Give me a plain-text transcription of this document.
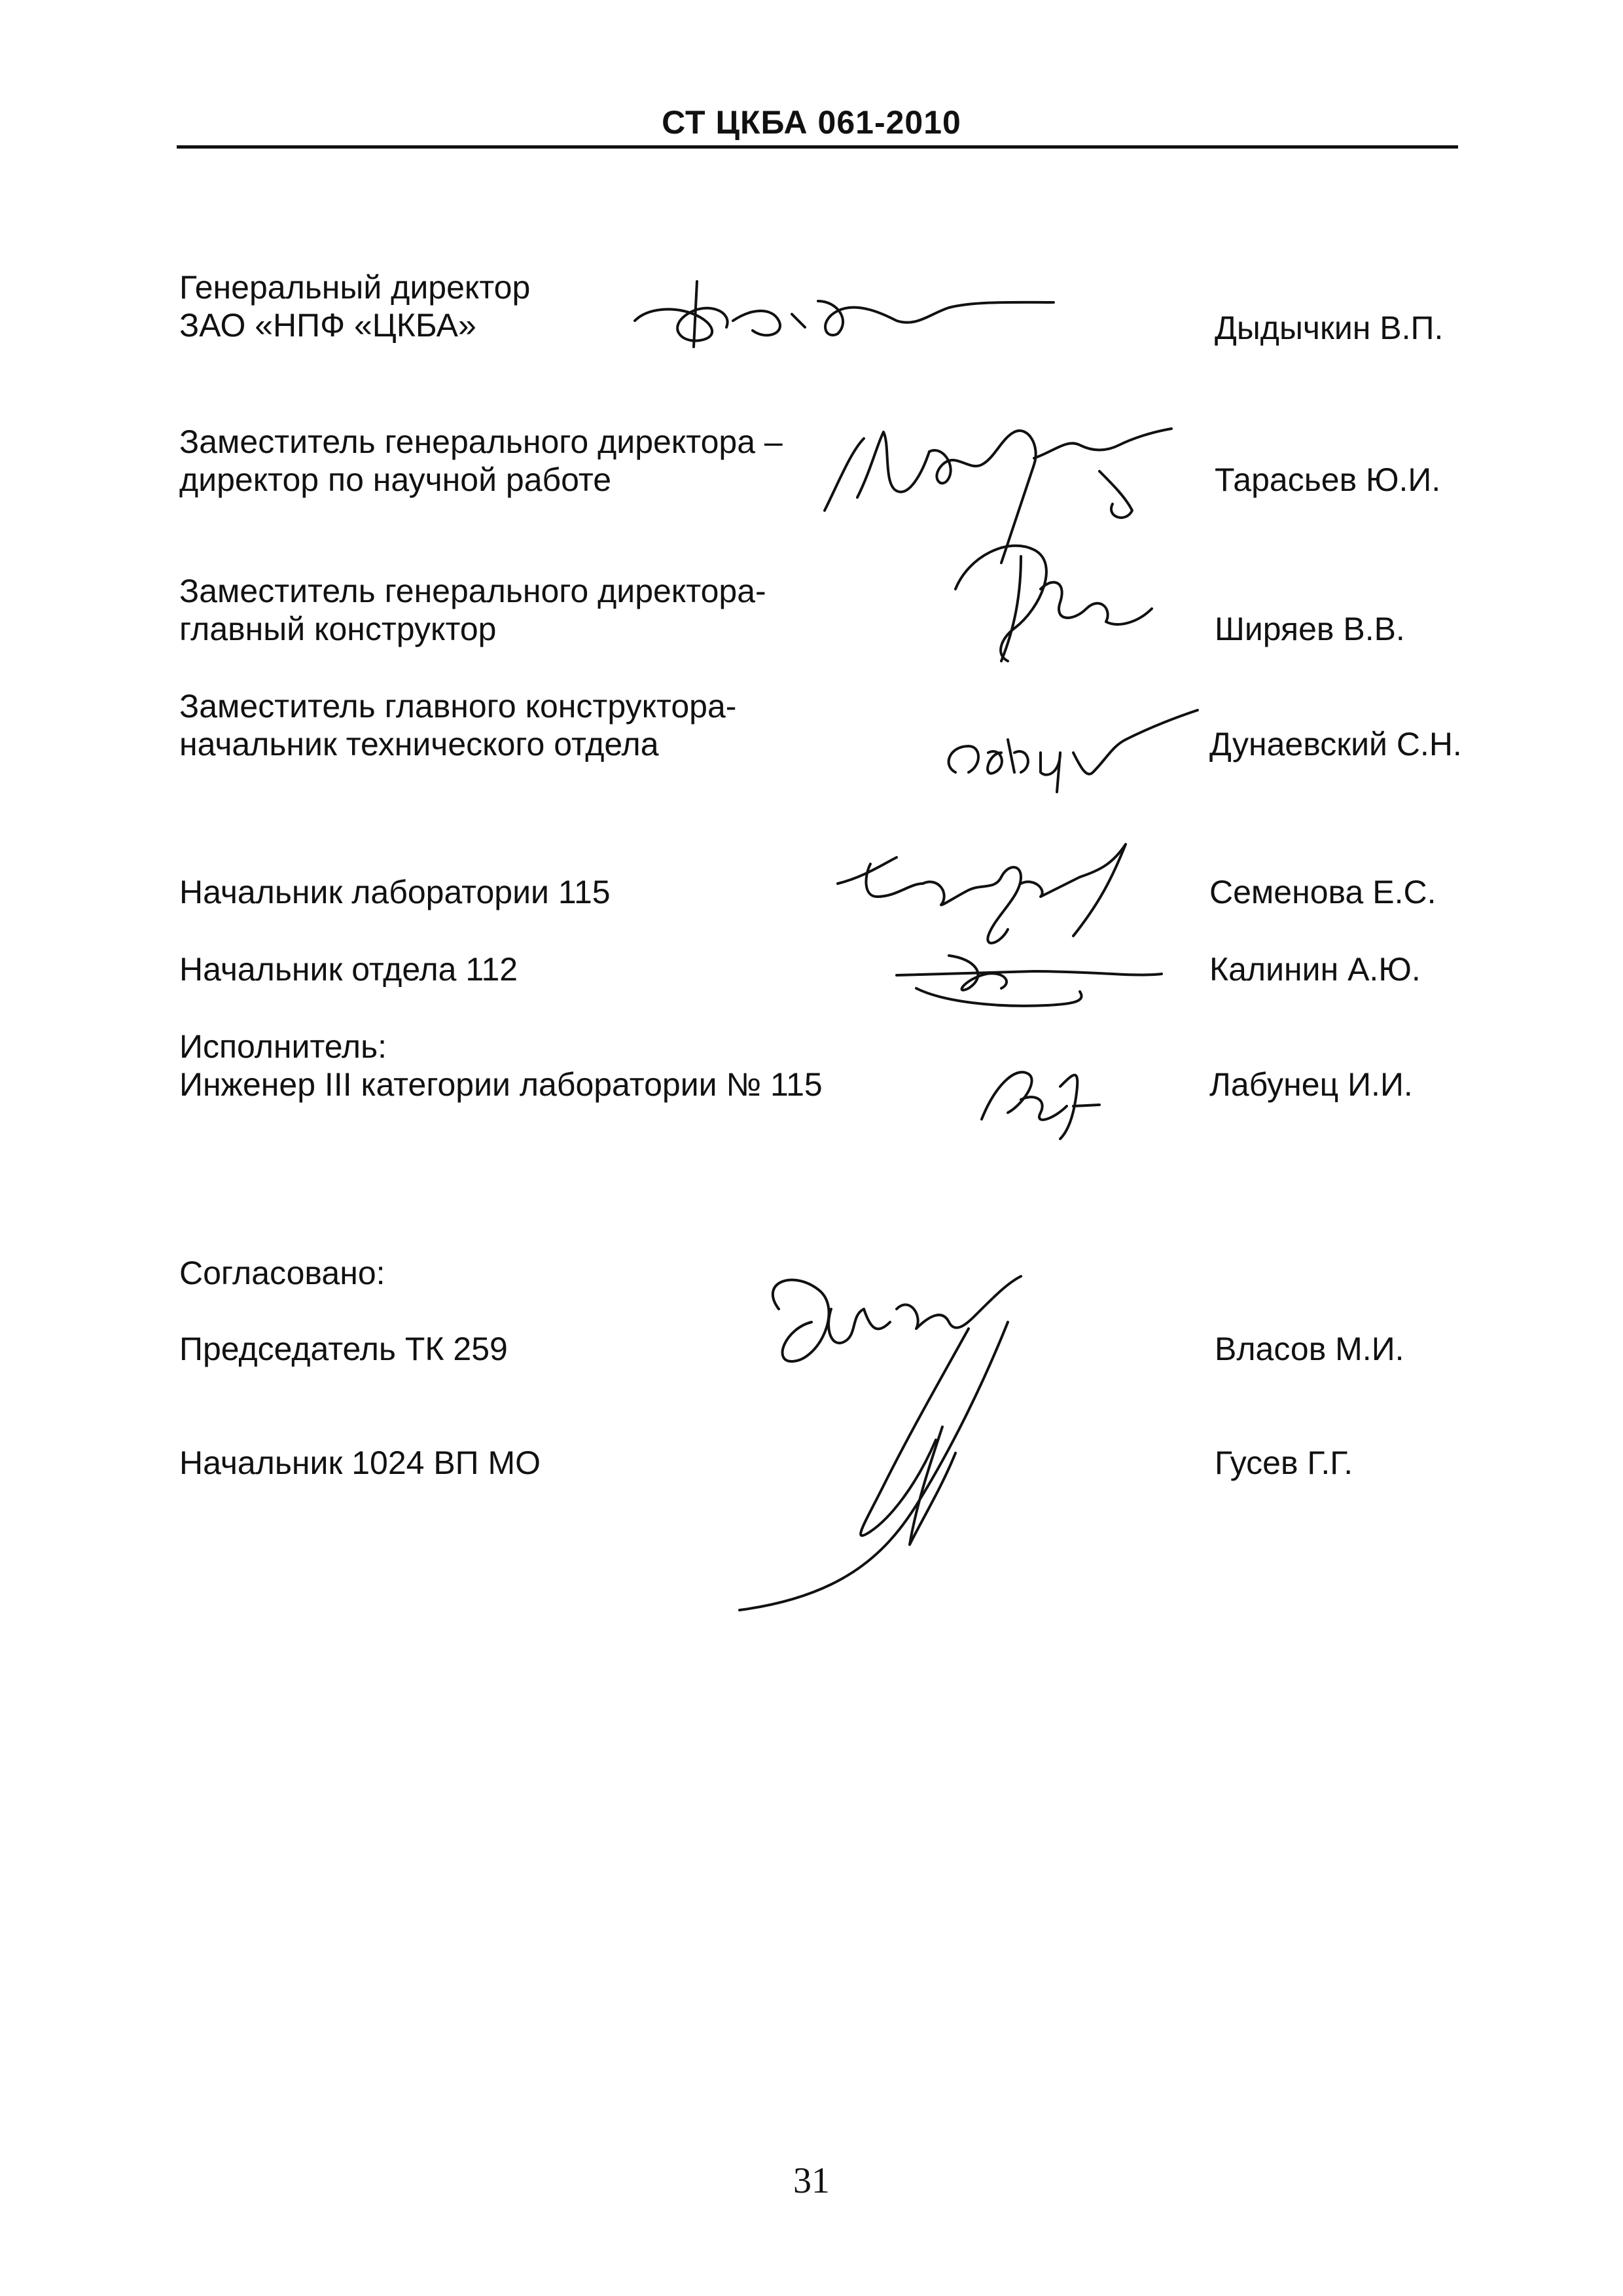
СТ ЦКБА 061-2010
Генеральный директор
ЗАО «НПФ «ЦКБА»	Дыдычкин В.П.
Заместитель генерального директора –
директор по научной работе	Тарасьев Ю.И.
Заместитель генерального директора-
главный конструктор	Ширяев В.В.
Заместитель главного конструктора-
начальник технического отдела	Дунаевский С.Н.
Начальник лаборатории 115	Семенова Е.С.
Начальник отдела 112	Калинин А.Ю.
Исполнитель:
Инженер III категории лаборатории № 115	Лабунец И.И.
Согласовано:
Председатель ТК 259	Власов М.И.
Начальник 1024 ВП МО	Гусев Г.Г.
31
